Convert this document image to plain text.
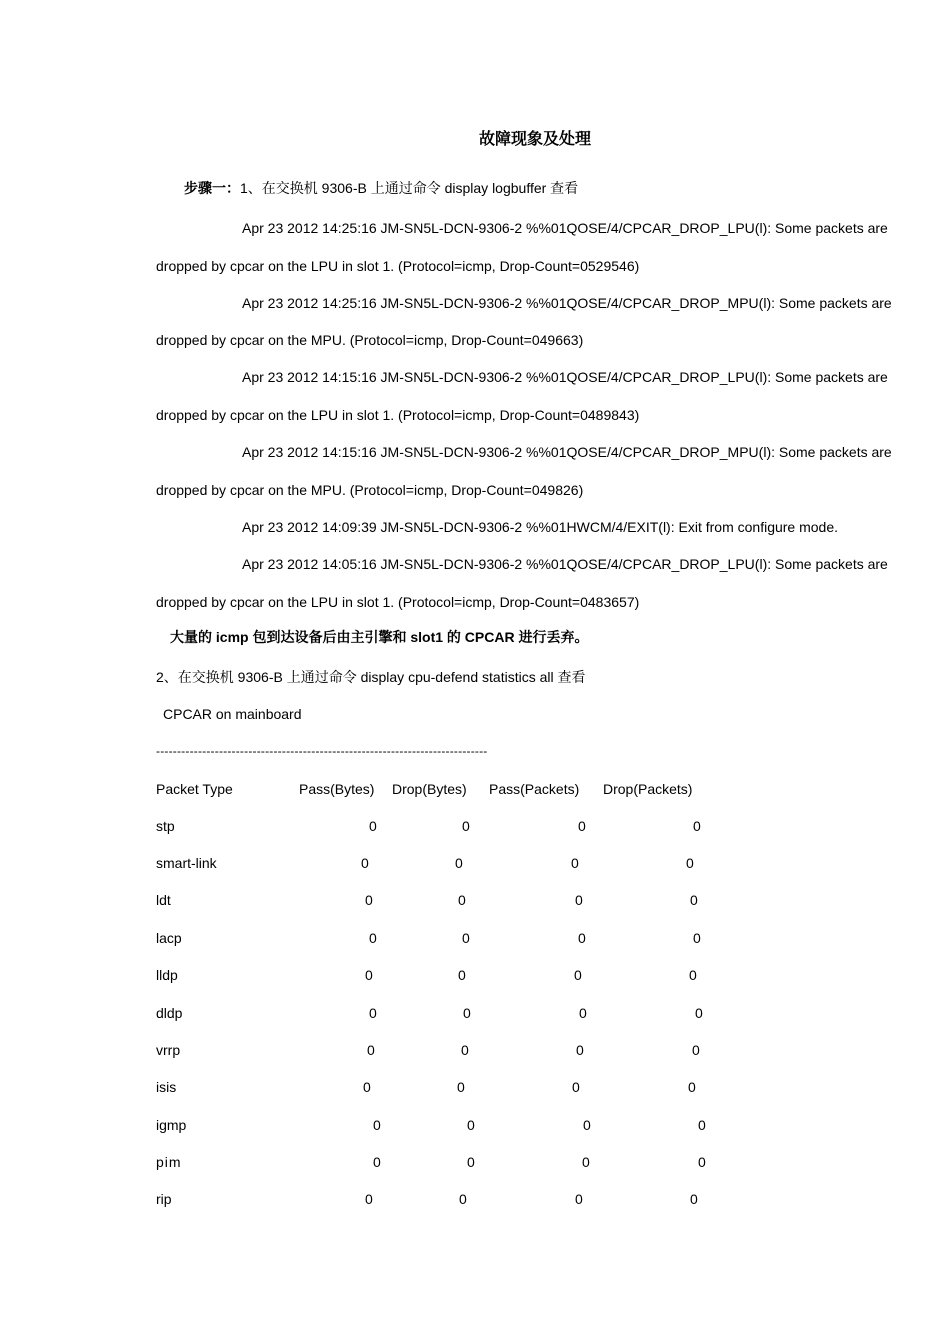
故障现象及处理
步骤一：1、在交换机 9306-B 上通过命令 display logbuffer 查看
Apr 23 2012 14:25:16 JM-SN5L-DCN-9306-2 %%01QOSE/4/CPCAR_DROP_LPU(l): Some packets are
dropped by cpcar on the LPU in slot 1. (Protocol=icmp, Drop-Count=0529546)
Apr 23 2012 14:25:16 JM-SN5L-DCN-9306-2 %%01QOSE/4/CPCAR_DROP_MPU(l): Some packets are
dropped by cpcar on the MPU. (Protocol=icmp, Drop-Count=049663)
Apr 23 2012 14:15:16 JM-SN5L-DCN-9306-2 %%01QOSE/4/CPCAR_DROP_LPU(l): Some packets are
dropped by cpcar on the LPU in slot 1. (Protocol=icmp, Drop-Count=0489843)
Apr 23 2012 14:15:16 JM-SN5L-DCN-9306-2 %%01QOSE/4/CPCAR_DROP_MPU(l): Some packets are
dropped by cpcar on the MPU. (Protocol=icmp, Drop-Count=049826)
Apr 23 2012 14:09:39 JM-SN5L-DCN-9306-2 %%01HWCM/4/EXIT(l): Exit from configure mode.
Apr 23 2012 14:05:16 JM-SN5L-DCN-9306-2 %%01QOSE/4/CPCAR_DROP_LPU(l): Some packets are
dropped by cpcar on the LPU in slot 1. (Protocol=icmp, Drop-Count=0483657)
大量的 icmp 包到达设备后由主引擎和 slot1 的 CPCAR 进行丢弃。
2、在交换机 9306-B 上通过命令 display cpu-defend statistics all 查看
CPCAR on mainboard
-------------------------------------------------------------------------------
Packet Type	Pass(Bytes) Drop(Bytes) Pass(Packets) Drop(Packets)
stp	0	0	0	0
smart-link	0	0	0	0
ldt	0	0	0	0
lacp	0	0	0	0
lldp	0	0	0	0
dldp	0	0	0	0
vrrp	0	0	0	0
isis	0	0	0	0
igmp	0	0	0	0
pim	0	0	0	0
rip	0	0	0	0
